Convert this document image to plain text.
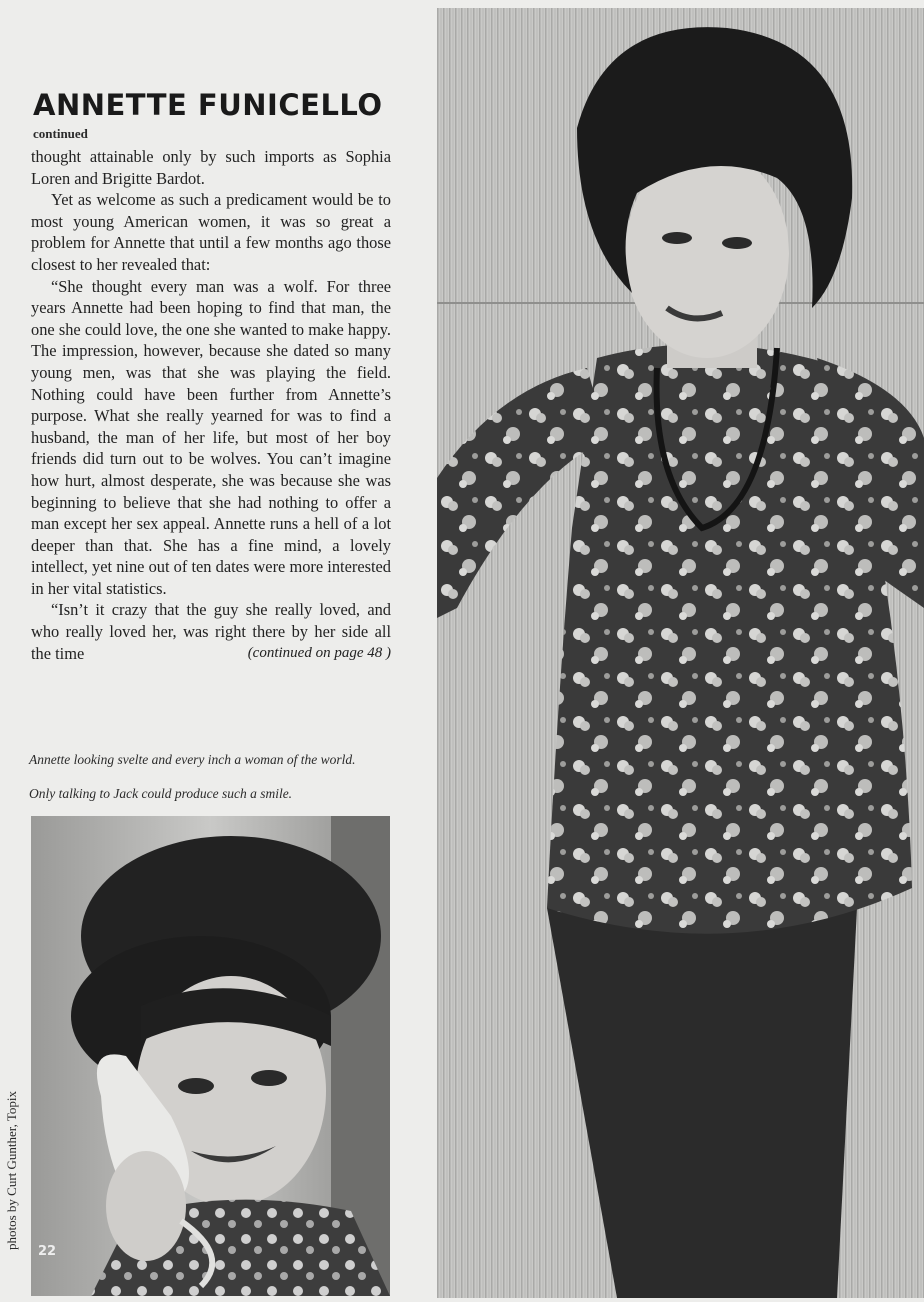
ANNETTE FUNICELLO
continued

thought attainable only by such imports as Sophia Loren and Brigitte Bardot.

Yet as welcome as such a predicament would be to most young American women, it was so great a problem for Annette that until a few months ago those closest to her revealed that:

“She thought every man was a wolf. For three years Annette had been hoping to find that man, the one she could love, the one she wanted to make happy. The impression, however, because she dated so many young men, was that she was playing the field. Nothing could have been further from Annette’s purpose. What she really yearned for was to find a husband, the man of her life, but most of her boy friends did turn out to be wolves. You can’t imagine how hurt, almost desperate, she was because she was beginning to believe that she had nothing to offer a man except her sex appeal. Annette runs a hell of a lot deeper than that. She has a fine mind, a lovely intellect, yet nine out of ten dates were more interested in her vital statistics.

“Isn’t it crazy that the guy she really loved, and who really loved her, was right there by her side all the time	(continued on page 48 )

Annette looking svelte and every inch a woman of the world.
Only talking to Jack could produce such a smile.
photos by Curt Gunther, Topix
22
